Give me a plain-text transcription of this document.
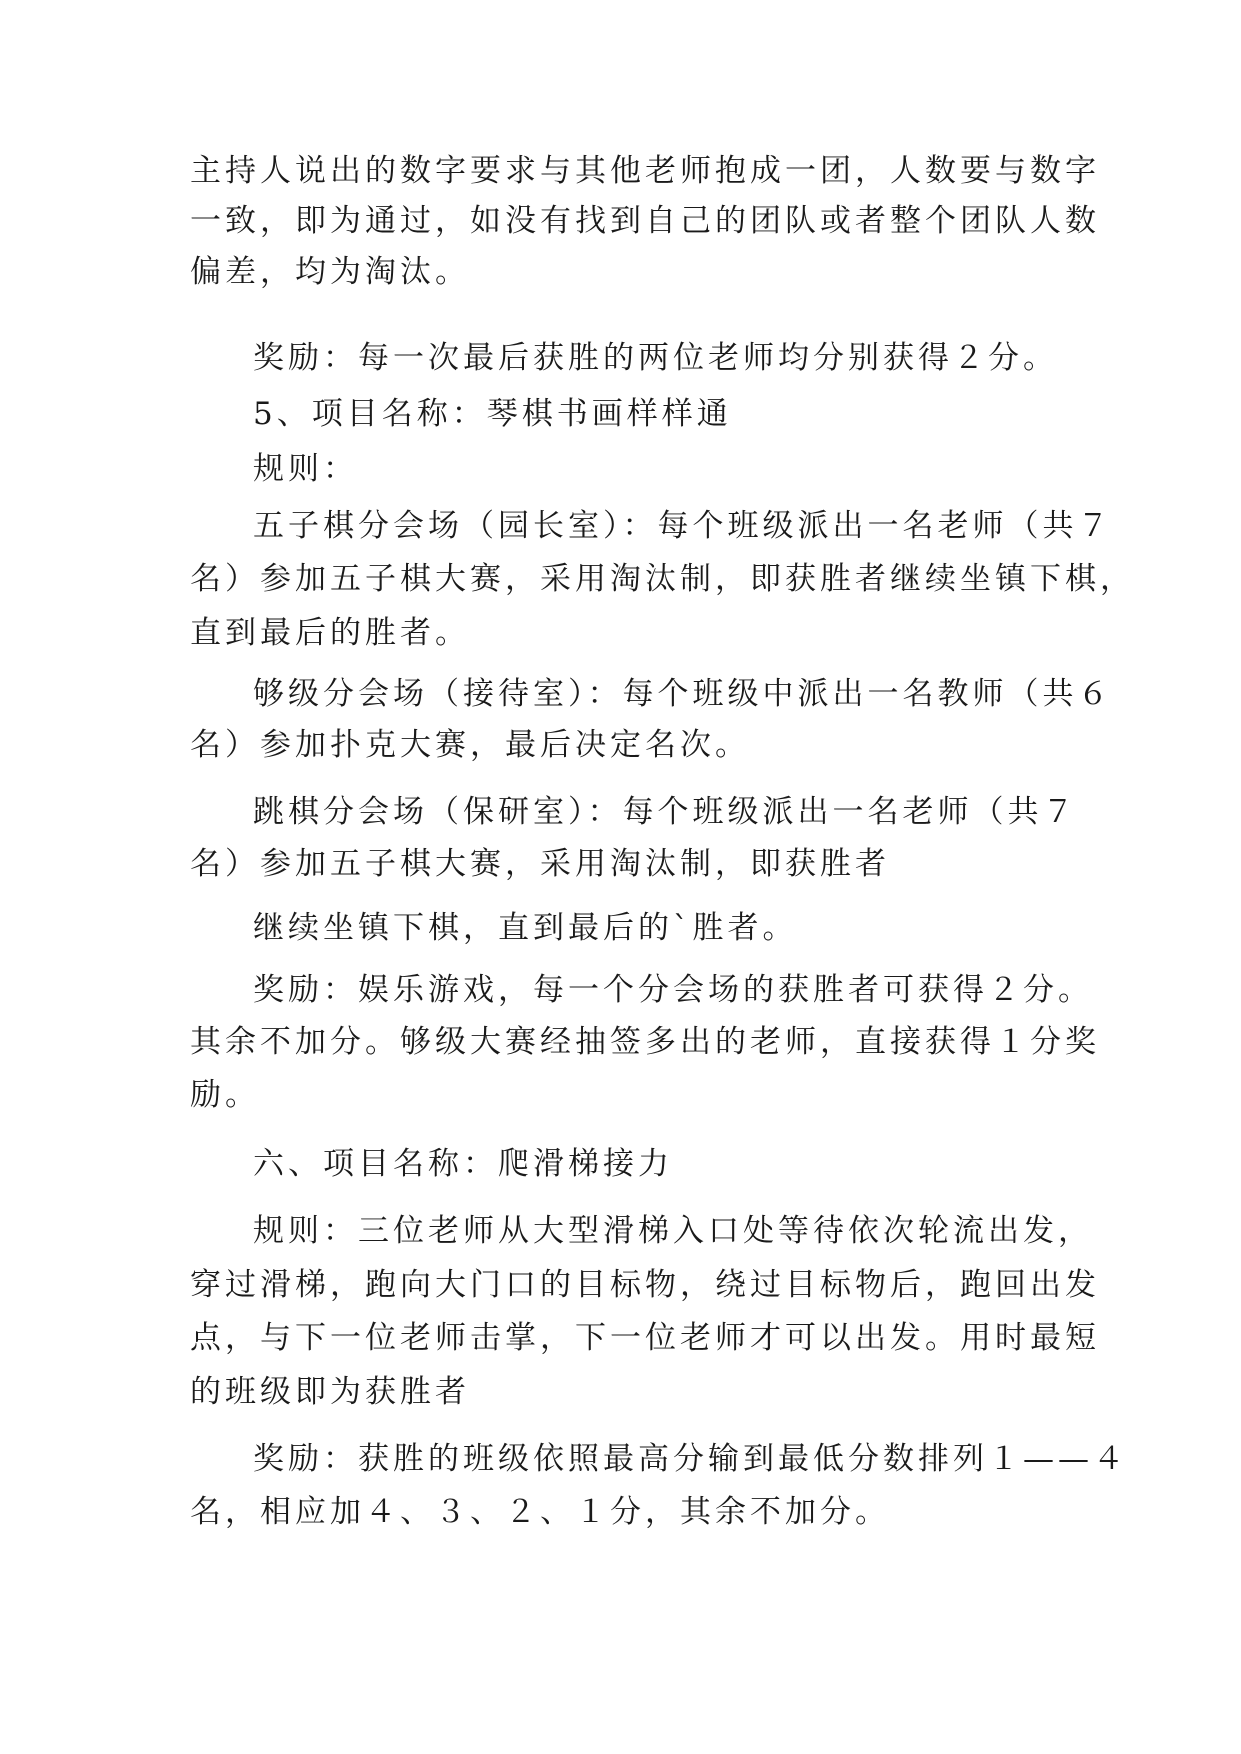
主持人说出的数字要求与其他老师抱成一团，人数要与数字
一致，即为通过，如没有找到自己的团队或者整个团队人数
偏差，均为淘汰。
奖励：每一次最后获胜的两位老师均分别获得２分。
5、项目名称：琴棋书画样样通
规则：
五子棋分会场（园长室）：每个班级派出一名老师（共７
名）参加五子棋大赛，采用淘汰制，即获胜者继续坐镇下棋，
直到最后的胜者。
够级分会场（接待室）：每个班级中派出一名教师（共６
名）参加扑克大赛，最后决定名次。
跳棋分会场（保研室）：每个班级派出一名老师（共７
名）参加五子棋大赛，采用淘汰制，即获胜者
继续坐镇下棋，直到最后的`胜者。
奖励：娱乐游戏，每一个分会场的获胜者可获得２分。
其余不加分。够级大赛经抽签多出的老师，直接获得１分奖
励。
六、项目名称：爬滑梯接力
规则：三位老师从大型滑梯入口处等待依次轮流出发，
穿过滑梯，跑向大门口的目标物，绕过目标物后，跑回出发
点，与下一位老师击掌，下一位老师才可以出发。用时最短
的班级即为获胜者
奖励：获胜的班级依照最高分输到最低分数排列１——４
名，相应加４、３、２、１分，其余不加分。
